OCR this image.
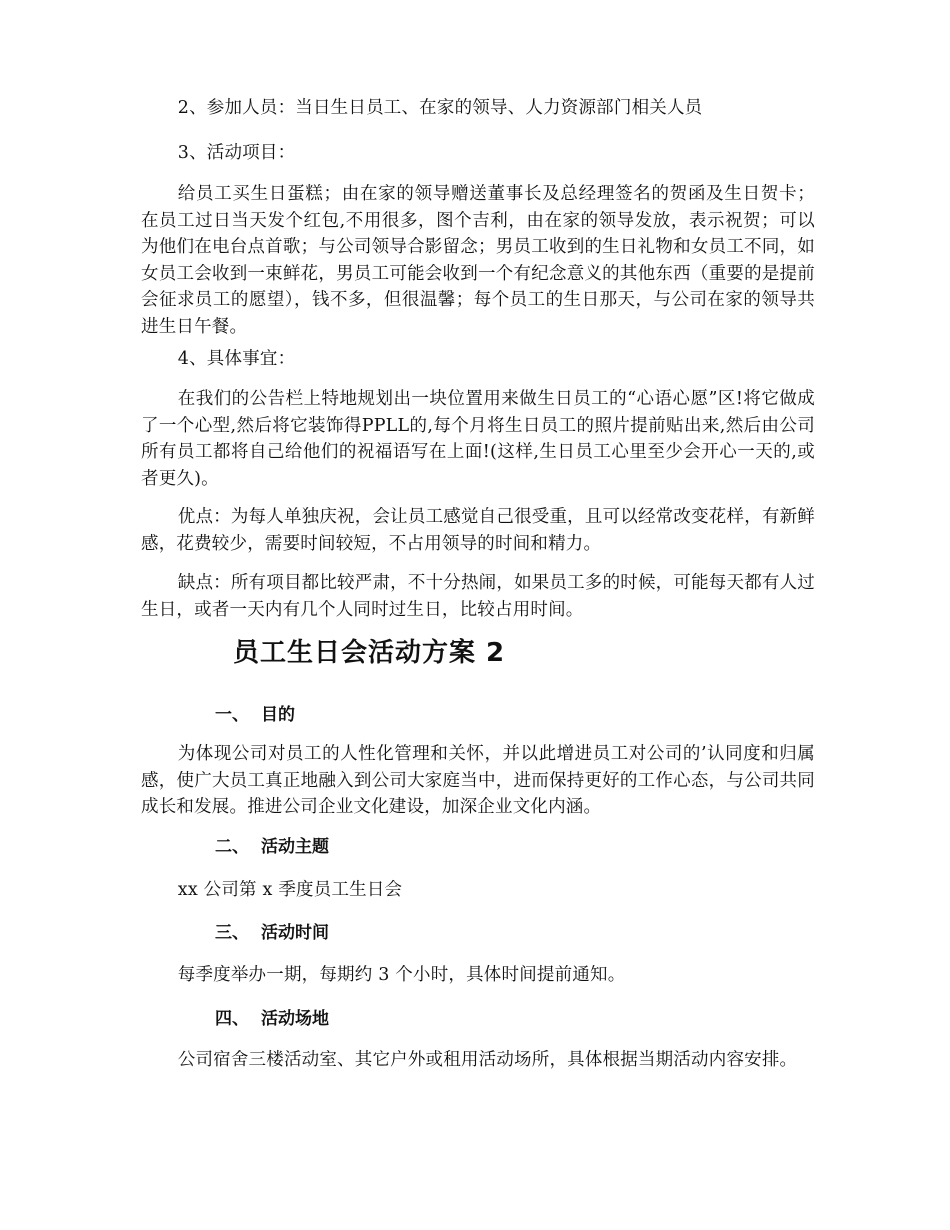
2、参加人员：当日生日员工、在家的领导、人力资源部门相关人员

3、活动项目：

给员工买生日蛋糕；由在家的领导赠送董事长及总经理签名的贺函及生日贺卡； 在员工过日当天发个红包,不用很多，图个吉利，由在家的领导发放，表示祝贺；可以为他们在电台点首歌；与公司领导合影留念；男员工收到的生日礼物和女员工不同，如女员工会收到一束鲜花，男员工可能会收到一个有纪念意义的其他东西（重要的是提前会征求员工的愿望），钱不多，但很温馨；每个员工的生日那天，与公司在家的领导共进生日午餐。

4、具体事宜：

在我们的公告栏上特地规划出一块位置用来做生日员工的“心语心愿”区!将它做成了一个心型,然后将它装饰得PPLL的,每个月将生日员工的照片提前贴出来,然后由公司所有员工都将自己给他们的祝福语写在上面!(这样,生日员工心里至少会开心一天的,或者更久)。

优点：为每人单独庆祝，会让员工感觉自己很受重，且可以经常改变花样，有新鲜感，花费较少，需要时间较短，不占用领导的时间和精力。

缺点：所有项目都比较严肃，不十分热闹，如果员工多的时候，可能每天都有人过生日，或者一天内有几个人同时过生日，比较占用时间。

员工生日会活动方案 2
一、 目的

为体现公司对员工的人性化管理和关怀，并以此增进员工对公司的’认同度和归属感，使广大员工真正地融入到公司大家庭当中，进而保持更好的工作心态，与公司共同成长和发展。推进公司企业文化建设，加深企业文化内涵。

二、 活动主题

xx 公司第 x 季度员工生日会

三、 活动时间

每季度举办一期，每期约 3 个小时，具体时间提前通知。

四、 活动场地

公司宿舍三楼活动室、其它户外或租用活动场所，具体根据当期活动内容安排。
